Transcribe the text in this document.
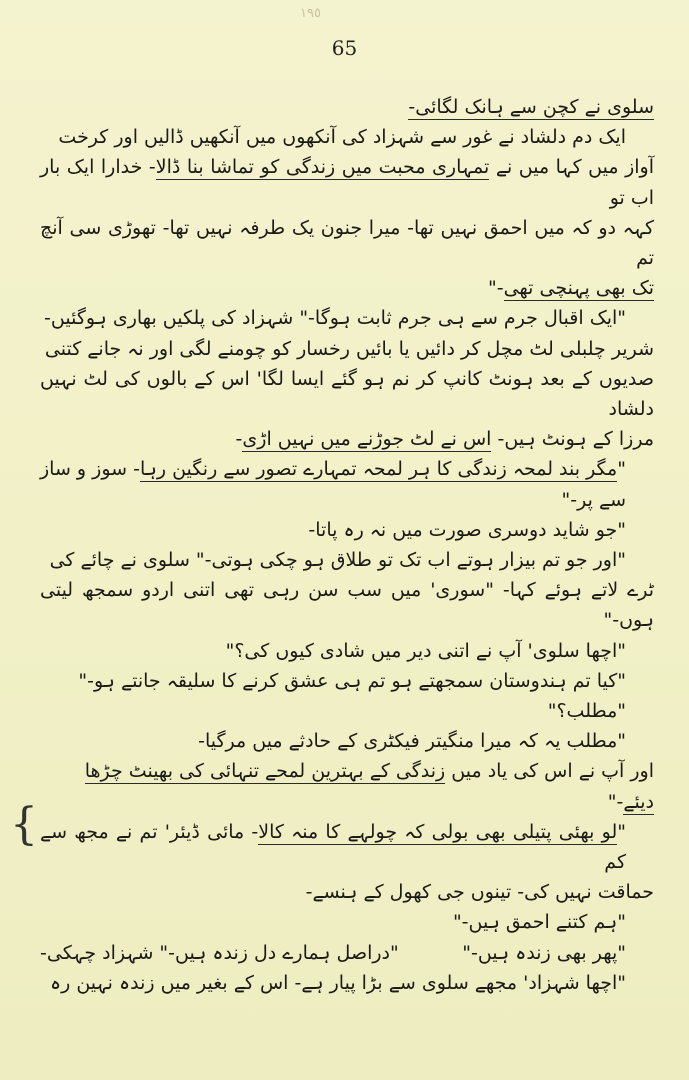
١٩٥
65

سلوی نے کچن سے ہانک لگائی-

ایک دم دلشاد نے غور سے شہزاد کی آنکھوں میں آنکھیں ڈالیں اور کرخت

آواز میں کہا میں نے تمہاری محبت میں زندگی کو تماشا بنا ڈالا- خدارا ایک بار اب تو

کہہ دو کہ میں احمق نہیں تھا- میرا جنون یک طرفہ نہیں تھا- تھوڑی سی آنچ تم

تک بھی پہنچی تھی-"

"ایک اقبال جرم سے ہی جرم ثابت ہوگا-" شہزاد کی پلکیں بھاری ہوگئیں-

شریر چلبلی لٹ مچل کر دائیں یا بائیں رخسار کو چومنے لگی اور نہ جانے کتنی

صدیوں کے بعد ہونٹ کانپ کر نم ہو گئے ایسا لگا' اس کے بالوں کی لٹ نہیں دلشاد

مرزا کے ہونٹ ہیں- اس نے لٹ جوڑنے میں نہیں اڑی-

"مگر بند لمحہ زندگی کا ہر لمحہ تمہارے تصور سے رنگین رہا- سوز و ساز سے پر-"

"جو شاید دوسری صورت میں نہ رہ پاتا-

"اور جو تم بیزار ہوتے اب تک تو طلاق ہو چکی ہوتی-" سلوی نے چائے کی

ٹرے لاتے ہوئے کہا- "سوری' میں سب سن رہی تھی اتنی اردو سمجھ لیتی ہوں-"

"اچھا سلوی' آپ نے اتنی دیر میں شادی کیوں کی؟"

"کیا تم ہندوستان سمجھتے ہو تم ہی عشق کرنے کا سلیقہ جانتے ہو-"

"مطلب؟"

"مطلب یہ کہ میرا منگیتر فیکٹری کے حادثے میں مرگیا-

اور آپ نے اس کی یاد میں زندگی کے بہترین لمحے تنہائی کی بھینٹ چڑھا

دیئے-"

"لو بھئی پتیلی بھی بولی کہ چولہے کا منہ کالا- مائی ڈیئر' تم نے مجھ سے کم

حماقت نہیں کی- تینوں جی کھول کے ہنسے-

"ہم کتنے احمق ہیں-"

"پھر بھی زندہ ہیں-"
"دراصل ہمارے دل زندہ ہیں-" شہزاد چہکی-

"اچھا شہزاد' مجھے سلوی سے بڑا پیار ہے- اس کے بغیر میں زندہ نہین رہ

{
